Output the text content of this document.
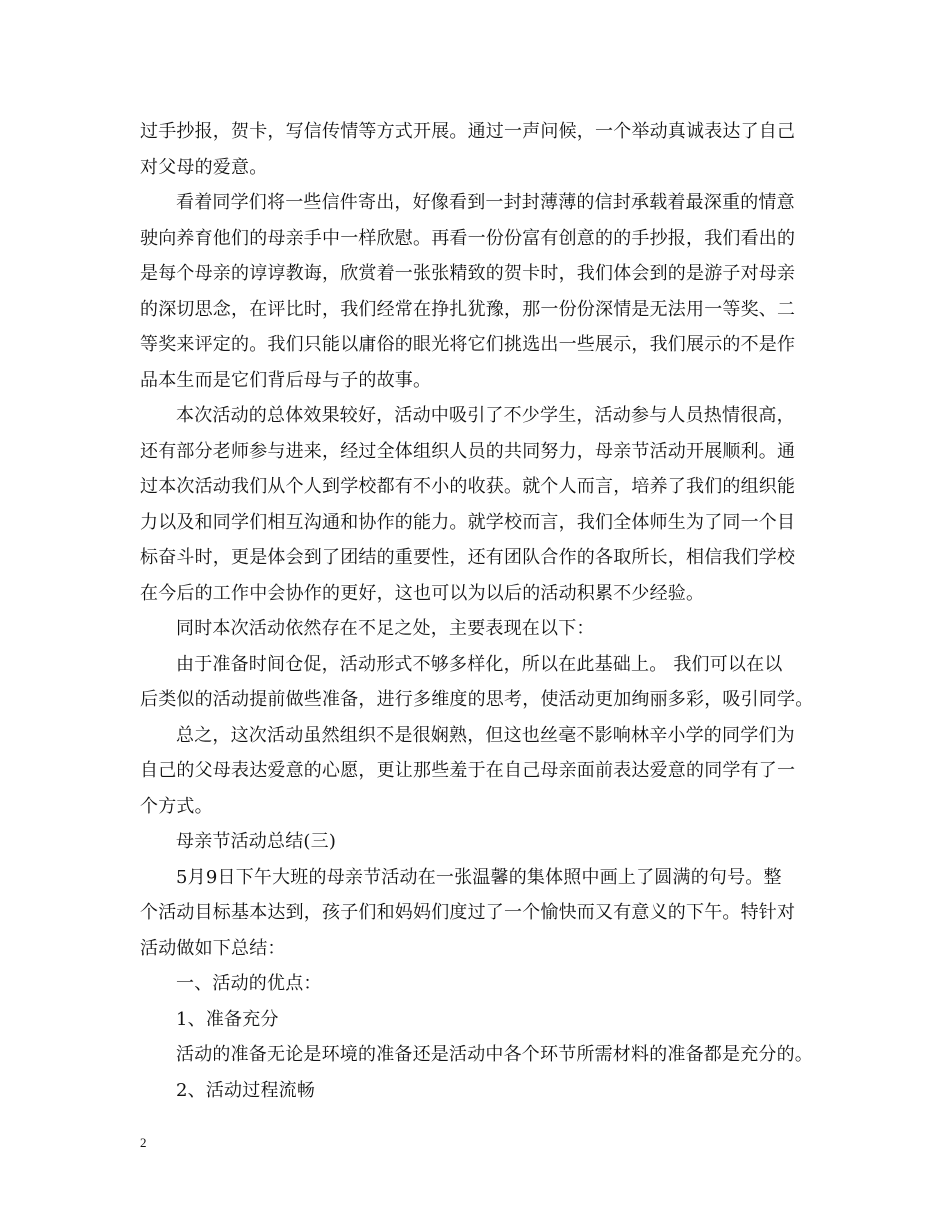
过手抄报，贺卡，写信传情等方式开展。通过一声问候，一个举动真诚表达了自己
对父母的爱意。
看着同学们将一些信件寄出，好像看到一封封薄薄的信封承载着最深重的情意
驶向养育他们的母亲手中一样欣慰。再看一份份富有创意的的手抄报，我们看出的
是每个母亲的谆谆教诲，欣赏着一张张精致的贺卡时，我们体会到的是游子对母亲
的深切思念，在评比时，我们经常在挣扎犹豫，那一份份深情是无法用一等奖、二
等奖来评定的。我们只能以庸俗的眼光将它们挑选出一些展示，我们展示的不是作
品本生而是它们背后母与子的故事。
本次活动的总体效果较好，活动中吸引了不少学生，活动参与人员热情很高，
还有部分老师参与进来，经过全体组织人员的共同努力，母亲节活动开展顺利。通
过本次活动我们从个人到学校都有不小的收获。就个人而言，培养了我们的组织能
力以及和同学们相互沟通和协作的能力。就学校而言，我们全体师生为了同一个目
标奋斗时，更是体会到了团结的重要性，还有团队合作的各取所长，相信我们学校
在今后的工作中会协作的更好，这也可以为以后的活动积累不少经验。
同时本次活动依然存在不足之处，主要表现在以下：
由于准备时间仓促，活动形式不够多样化，所以在此基础上。 我们可以在以
后类似的活动提前做些准备，进行多维度的思考，使活动更加绚丽多彩，吸引同学。
总之，这次活动虽然组织不是很娴熟，但这也丝毫不影响林辛小学的同学们为
自己的父母表达爱意的心愿，更让那些羞于在自己母亲面前表达爱意的同学有了一
个方式。
母亲节活动总结(三)
5月9日下午大班的母亲节活动在一张温馨的集体照中画上了圆满的句号。整
个活动目标基本达到，孩子们和妈妈们度过了一个愉快而又有意义的下午。特针对
活动做如下总结：
一、活动的优点：
1、准备充分
活动的准备无论是环境的准备还是活动中各个环节所需材料的准备都是充分的。
2、活动过程流畅
2
